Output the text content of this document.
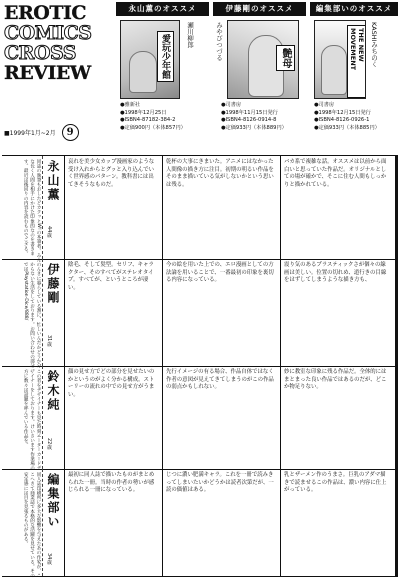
EROTIC
COMICS
CROSS
REVIEW
■1999年1月~2月	9
永山薫のオススメ
愛玩少年館	瀬川柳郎
●雅新社
●1998年12月25日
●ISBN4-87182-384-2
●定価900円（本体857円）
伊藤剛のオススメ
みやびつづる	艶母
●司書房
●1998年11月15日発行
●ISBN4-8126-0914-8
●定価933円（本体889円）
編集部いのオススメ
THE NEW MOVEMENT	KASHIみちのく
●司書房
●1998年12月15日発行
●ISBN4-8126-0926-1
●定価933円（本体885円）
同誌の執筆もおしたどカクッとW!の本筆者。みんな長く人間を相手にかけた印象的なのを書きます。最近は後回りの内容を読むものでござる。	永山薫
44歳
哀れを美少女カップ漫画家のような受け入れからとグッと入り込んでいく世界感のパターン。教科書には出てきそうなものだ。
乾杯の大事にきまいた。アニメにはなかった人間像の描き方に注目。初期の明るい作品をそのまま描いている気がしないかという思いは残る。
バカ系で複雑な話。オススメは以前から面白いと思っていた作品だ。オリジナルとしての場が確かで、そこに住む人間もしっかりと描かれている。
のんきに暮らしている割に、忙しいんだかどうか分からない生活をしております。お問い合わせの部分ではPlaystation-Dice/888/	伊藤剛
31歳
陰毛、そして髪型。セリフ、キャラクター、そのすべてがステレオタイプ。すべてが、というところが凄い。
今の絵を用いた上での、エロ漫画としての方法論を用いることで、一番最初の印象を裏切る内容になっている。
震り気のあるプラスティックさが個々の線画は美しい。位置の切れめ、道行きの目線をはずしてしまうような描き方も、
この者をデザイナーも見た時刻エーターカードデザイナーをしております。けいさいます作業場の方に数々は話題を呼んでいる作品を。	鈴木純
22歳
顔の見せ方でどの部分を見せたいのかというのがよく分かる構成。ストーリーの流れの中での見せ方がうまい。
先行イメージの有る場合、作品自体ではなく作者の意図が見えてきてしまうのがこの作品の弱点かもしれない。
妙に教室な印象に残る作品だ。全体的にはまとまった良い作品ではあるのだが、どこか物足りない。
同人誌印刷所に多大な影響を与えたあの作家が、ここへきて商業誌で本格的な活躍を見せている。その安定感には目を見張るものがある。	編集部い
34歳
最初に同人誌で描いたものがまとめられた一冊。当時の作者の勢いが感じられる一冊になっている。
じつに濃い肥満キャラ。これを一冊で読みきってしまいたいかどうかは読者次第だが、一読の価値はある。
乳とザーメン作のうまさ。巨乳のアダマ描きで読ませるこの作品は、濃い内容に仕上がっている。
